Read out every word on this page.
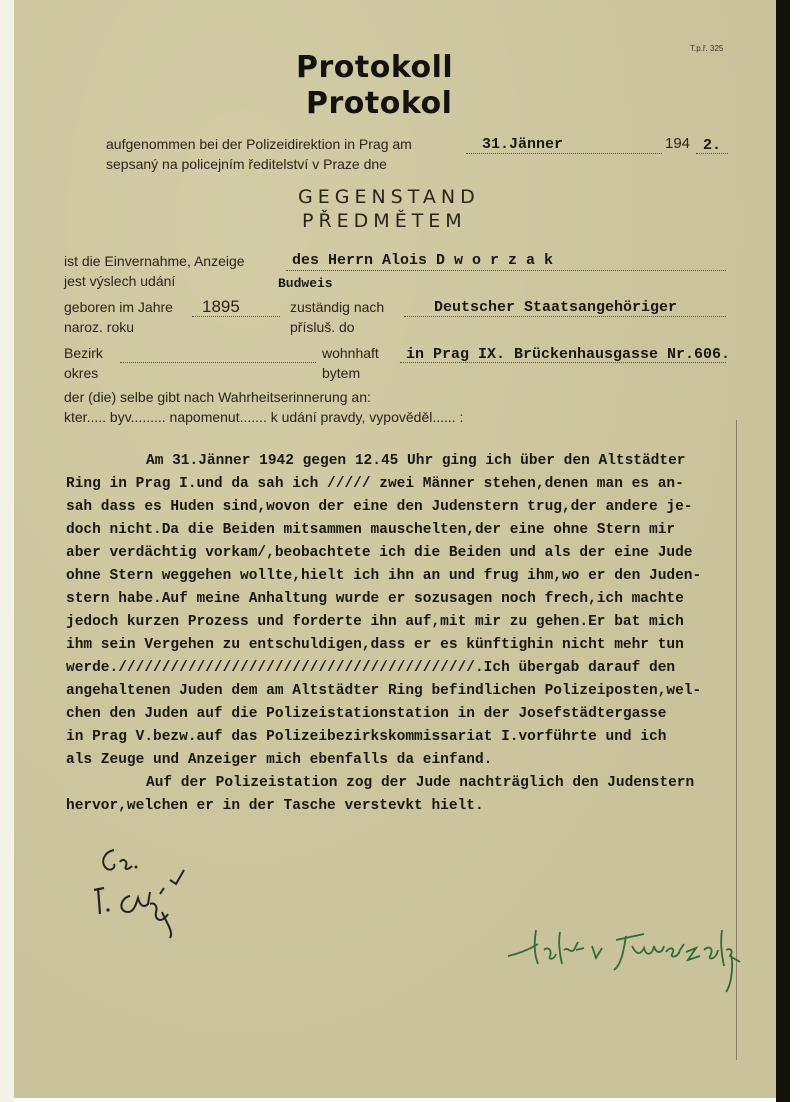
T.p.ř. 325
Protokoll
Protokol
aufgenommen bei der Polizeidirektion in Prag am
sepsaný na policejním ředitelství v Praze dne
31.Jänner	194 2.
GEGENSTAND
PŘEDMĚTEM
ist die Einvernahme, Anzeige
jest výslech udání
des Herrn Alois D w o r z a k
Budweis
geboren im Jahre
naroz. roku
1895	zuständig nach
přísluš. do
Deutscher Staatsangehöriger
Bezirk
okres
wohnhaft
bytem
in Prag IX. Brückenhausgasse Nr.606.
der (die) selbe gibt nach Wahrheitserinnerung an:
kter..... byv......... napomenut....... k udání pravdy, vypověděl...... :
Am 31.Jänner 1942 gegen 12.45 Uhr ging ich über den Altstädter
Ring in Prag I.und da sah ich ///// zwei Männer stehen,denen man es an-
sah dass es Huden sind,wovon der eine den Judenstern trug,der andere je-
doch nicht.Da die Beiden mitsammen mauschelten,der eine ohne Stern mir
aber verdächtig vorkam/,beobachtete ich die Beiden und als der eine Jude
ohne Stern weggehen wollte,hielt ich ihn an und frug ihm,wo er den Juden-
stern habe.Auf meine Anhaltung wurde er sozusagen noch frech,ich machte
jedoch kurzen Prozess und forderte ihn auf,mit mir zu gehen.Er bat mich
ihm sein Vergehen zu entschuldigen,dass er es künftighin nicht mehr tun
werde./////////////////////////////////////////.Ich übergab darauf den
angehaltenen Juden dem am Altstädter Ring befindlichen Polizeiposten,wel-
chen den Juden auf die Polizeistationstation in der Josefstädtergasse
in Prag V.bezw.auf das Polizeibezirkskommissariat I.vorführte und ich
als Zeuge und Anzeiger mich ebenfalls da einfand.
Auf der Polizeistation zog der Jude nachträglich den Judenstern
hervor,welchen er in der Tasche verstevkt hielt.
